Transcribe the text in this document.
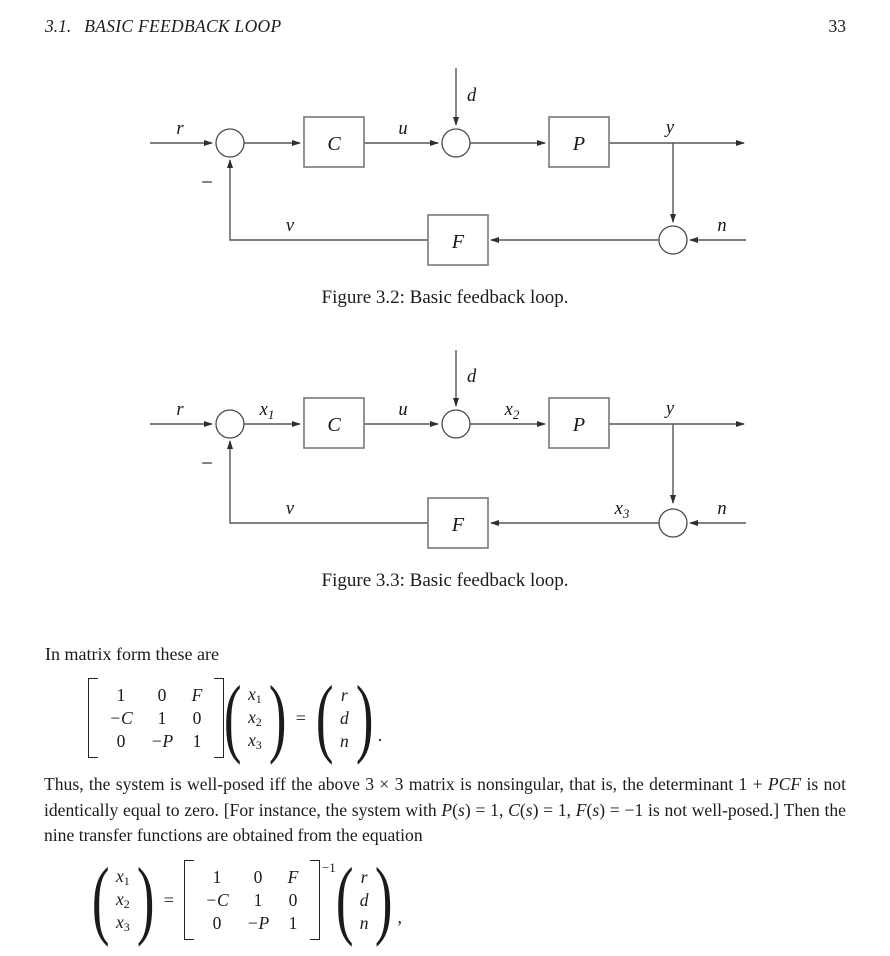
3.1. BASIC FEEDBACK LOOP	33
r
−
C
u
d
P
y
n
F
v
Figure 3.2: Basic feedback loop.
r
−
$x_1$	C
u
d
$x_2$	P
y
n
$x_3$
F
v
Figure 3.3: Basic feedback loop.

In matrix form these are

1 0 F
−C 1 0
0 −P 1 ( x1
x2
x3 ) = ( r
d
n ) .

Thus, the system is well-posed iff the above 3 × 3 matrix is nonsingular, that is, the determinant 1 + PCF is not identically equal to zero. [For instance, the system with P(s) = 1, C(s) = 1, F(s) = −1 is not well-posed.] Then the nine transfer functions are obtained from the equation

( x1
x2
x3 ) =
1 0 F
−C 1 0
0 −P 1
−1 ( r
d
n ) ,
